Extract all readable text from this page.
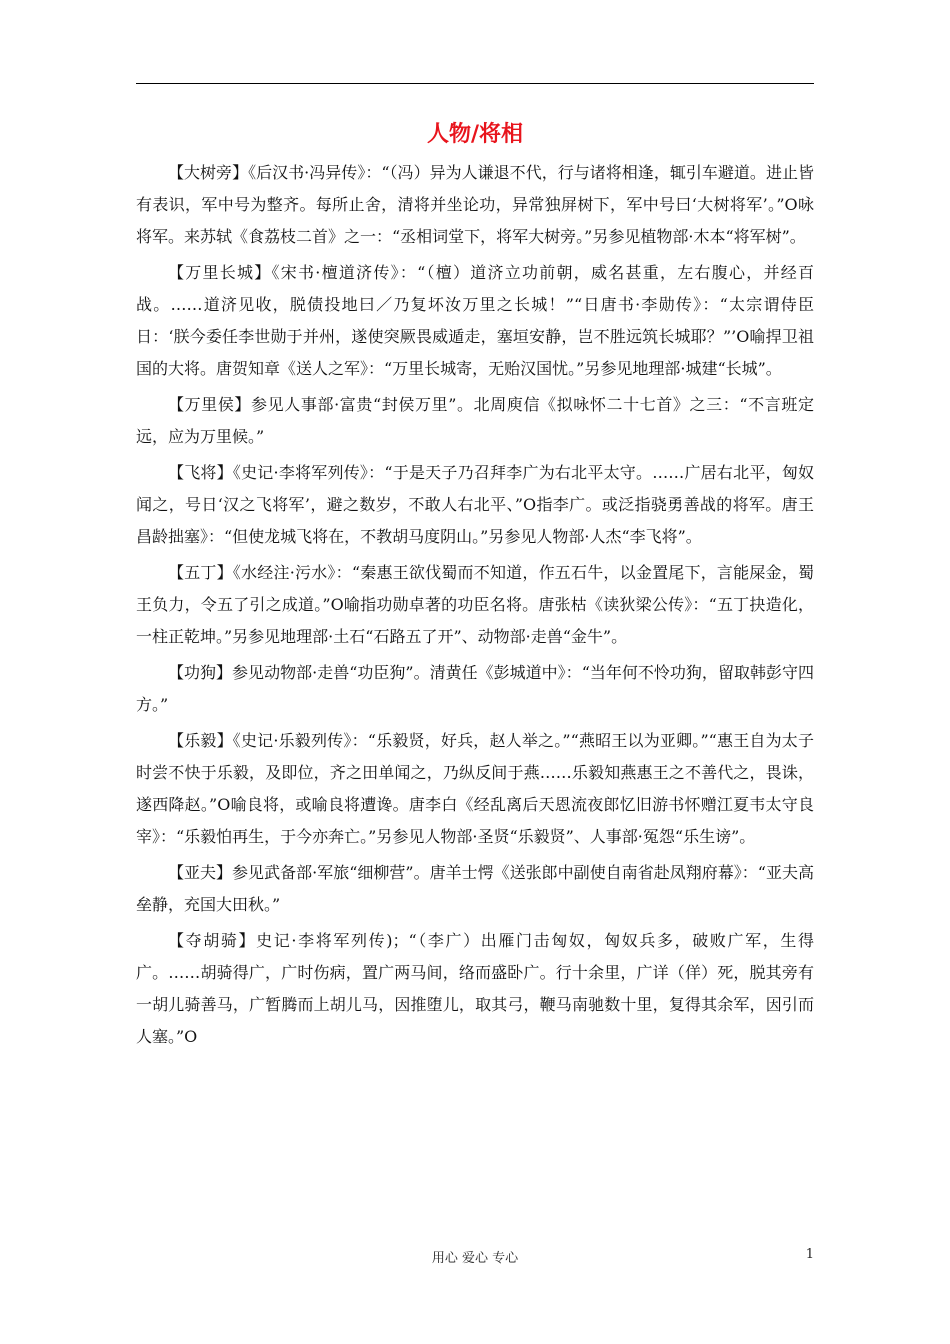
人物/将相

【大树旁】《后汉书·冯异传》：“（冯）异为人谦退不代，行与诸将相逢，辄引车避道。进止皆有表识，军中号为整齐。每所止舍，清将并坐论功，异常独屏树下，军中号曰‘大树将军’。”O咏将军。来苏轼《食荔枝二首》之一：“丞相词堂下，将军大树旁。”另参见植物部·木本“将军树”。

【万里长城】《宋书·檀道济传》：“（檀）道济立功前朝，威名甚重，左右腹心，并经百战。……道济见收，脱债投地曰／乃复坏汝万里之长城！”“日唐书·李勋传》：“太宗谓侍臣日：‘朕今委任李世勋于并州，遂使突厥畏威遁走，塞垣安静，岂不胜远筑长城耶？”’O喻捍卫祖国的大将。唐贺知章《送人之军》：“万里长城寄，无贻汉国忧。”另参见地理部·城建“长城”。

【万里侯】参见人事部·富贵“封侯万里”。北周庾信《拟咏怀二十七首》之三：“不言班定远，应为万里候。”

【飞将】《史记·李将军列传》：“于是天子乃召拜李广为右北平太守。……广居右北平，匈奴闻之，号日‘汉之飞将军’，避之数岁，不敢人右北平、”O指李广。或泛指骁勇善战的将军。唐王昌龄拙塞》：“但使龙城飞将在，不教胡马度阴山。”另参见人物部·人杰“李飞将”。

【五丁】《水经注·污水》：“秦惠王欲伐蜀而不知道，作五石牛，以金置尾下，言能屎金，蜀王负力，令五了引之成道。”O喻指功勋卓著的功臣名将。唐张枯《读狄梁公传》：“五丁抉造化，一柱正乾坤。”另参见地理部·土石“石路五了开”、动物部·走兽“金牛”。

【功狗】参见动物部·走兽“功臣狗”。清黄任《彭城道中》：“当年何不怜功狗，留取韩彭守四方。”

【乐毅】《史记·乐毅列传》：“乐毅贤，好兵，赵人举之。”“燕昭王以为亚卿。”“惠王自为太子时尝不快于乐毅，及即位，齐之田单闻之，乃纵反间于燕……乐毅知燕惠王之不善代之，畏诛，遂西降赵。”O喻良将，或喻良将遭谗。唐李白《经乱离后天恩流夜郎忆旧游书怀赠江夏韦太守良宰》：“乐毅怕再生，于今亦奔亡。”另参见人物部·圣贤“乐毅贤”、人事部·冤怨“乐生谤”。

【亚夫】参见武备部·军旅“细柳营”。唐羊士愕《送张郎中副使自南省赴凤翔府幕》：“亚夫高垒静，充国大田秋。”

【夺胡骑】史记·李将军列传)；“（李广）出雁门击匈奴，匈奴兵多，破败广军，生得广。……胡骑得广，广时伤病，置广两马间，络而盛卧广。行十余里，广详（佯）死，脱其旁有一胡儿骑善马，广暂腾而上胡儿马，因推堕儿，取其弓，鞭马南驰数十里，复得其余军，因引而人塞。”O

用心 爱心 专心	1
